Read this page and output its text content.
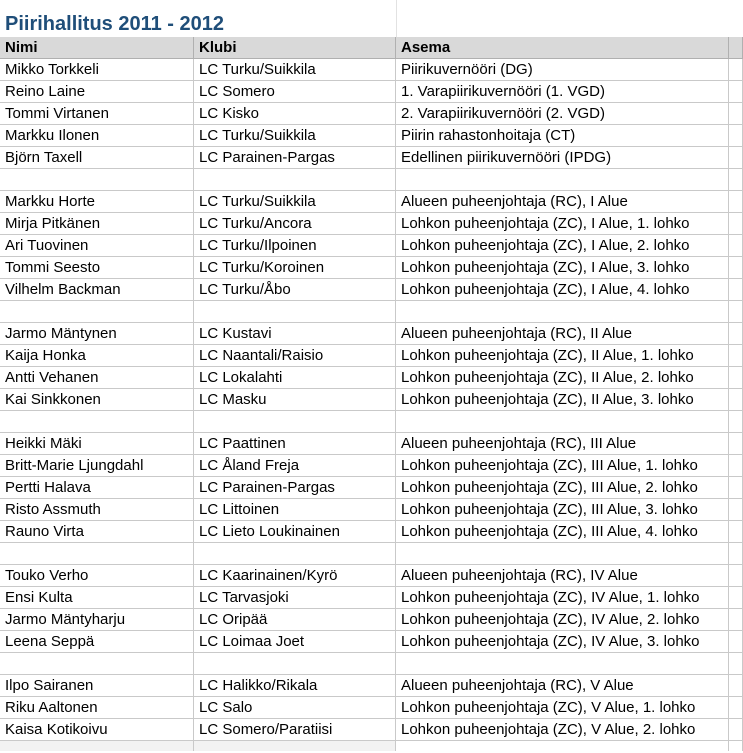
Piirihallitus 2011 - 2012
Nimi	Klubi	Asema
Mikko Torkkeli	LC Turku/Suikkila	Piirikuvernööri (DG)
Reino Laine	LC Somero	1. Varapiirikuvernööri (1. VGD)
Tommi Virtanen	LC Kisko	2. Varapiirikuvernööri (2. VGD)
Markku Ilonen	LC Turku/Suikkila	Piirin rahastonhoitaja (CT)
Björn Taxell	LC Parainen-Pargas	Edellinen piirikuvernööri (IPDG)
Markku Horte	LC Turku/Suikkila	Alueen puheenjohtaja (RC), I Alue
Mirja Pitkänen	LC Turku/Ancora	Lohkon puheenjohtaja (ZC), I Alue, 1. lohko
Ari Tuovinen	LC Turku/Ilpoinen	Lohkon puheenjohtaja (ZC), I Alue, 2. lohko
Tommi Seesto	LC Turku/Koroinen	Lohkon puheenjohtaja (ZC), I Alue, 3. lohko
Vilhelm Backman	LC Turku/Åbo	Lohkon puheenjohtaja (ZC), I Alue, 4. lohko
Jarmo Mäntynen	LC Kustavi	Alueen puheenjohtaja (RC), II Alue
Kaija Honka	LC Naantali/Raisio	Lohkon puheenjohtaja (ZC), II Alue, 1. lohko
Antti Vehanen	LC Lokalahti	Lohkon puheenjohtaja (ZC), II Alue, 2. lohko
Kai Sinkkonen	LC Masku	Lohkon puheenjohtaja (ZC), II Alue, 3. lohko
Heikki Mäki	LC Paattinen	Alueen puheenjohtaja (RC), III Alue
Britt-Marie Ljungdahl	LC Åland Freja	Lohkon puheenjohtaja (ZC), III Alue, 1. lohko
Pertti Halava	LC Parainen-Pargas	Lohkon puheenjohtaja (ZC), III Alue, 2. lohko
Risto Assmuth	LC Littoinen	Lohkon puheenjohtaja (ZC), III Alue, 3. lohko
Rauno Virta	LC Lieto Loukinainen	Lohkon puheenjohtaja (ZC), III Alue, 4. lohko
Touko Verho	LC Kaarinainen/Kyrö	Alueen puheenjohtaja (RC), IV Alue
Ensi Kulta	LC Tarvasjoki	Lohkon puheenjohtaja (ZC), IV Alue, 1. lohko
Jarmo Mäntyharju	LC Oripää	Lohkon puheenjohtaja (ZC), IV Alue, 2. lohko
Leena Seppä	LC Loimaa Joet	Lohkon puheenjohtaja (ZC), IV Alue, 3. lohko
Ilpo Sairanen	LC Halikko/Rikala	Alueen puheenjohtaja (RC), V Alue
Riku Aaltonen	LC Salo	Lohkon puheenjohtaja (ZC), V Alue, 1. lohko
Kaisa Kotikoivu	LC Somero/Paratiisi	Lohkon puheenjohtaja (ZC), V Alue, 2. lohko
